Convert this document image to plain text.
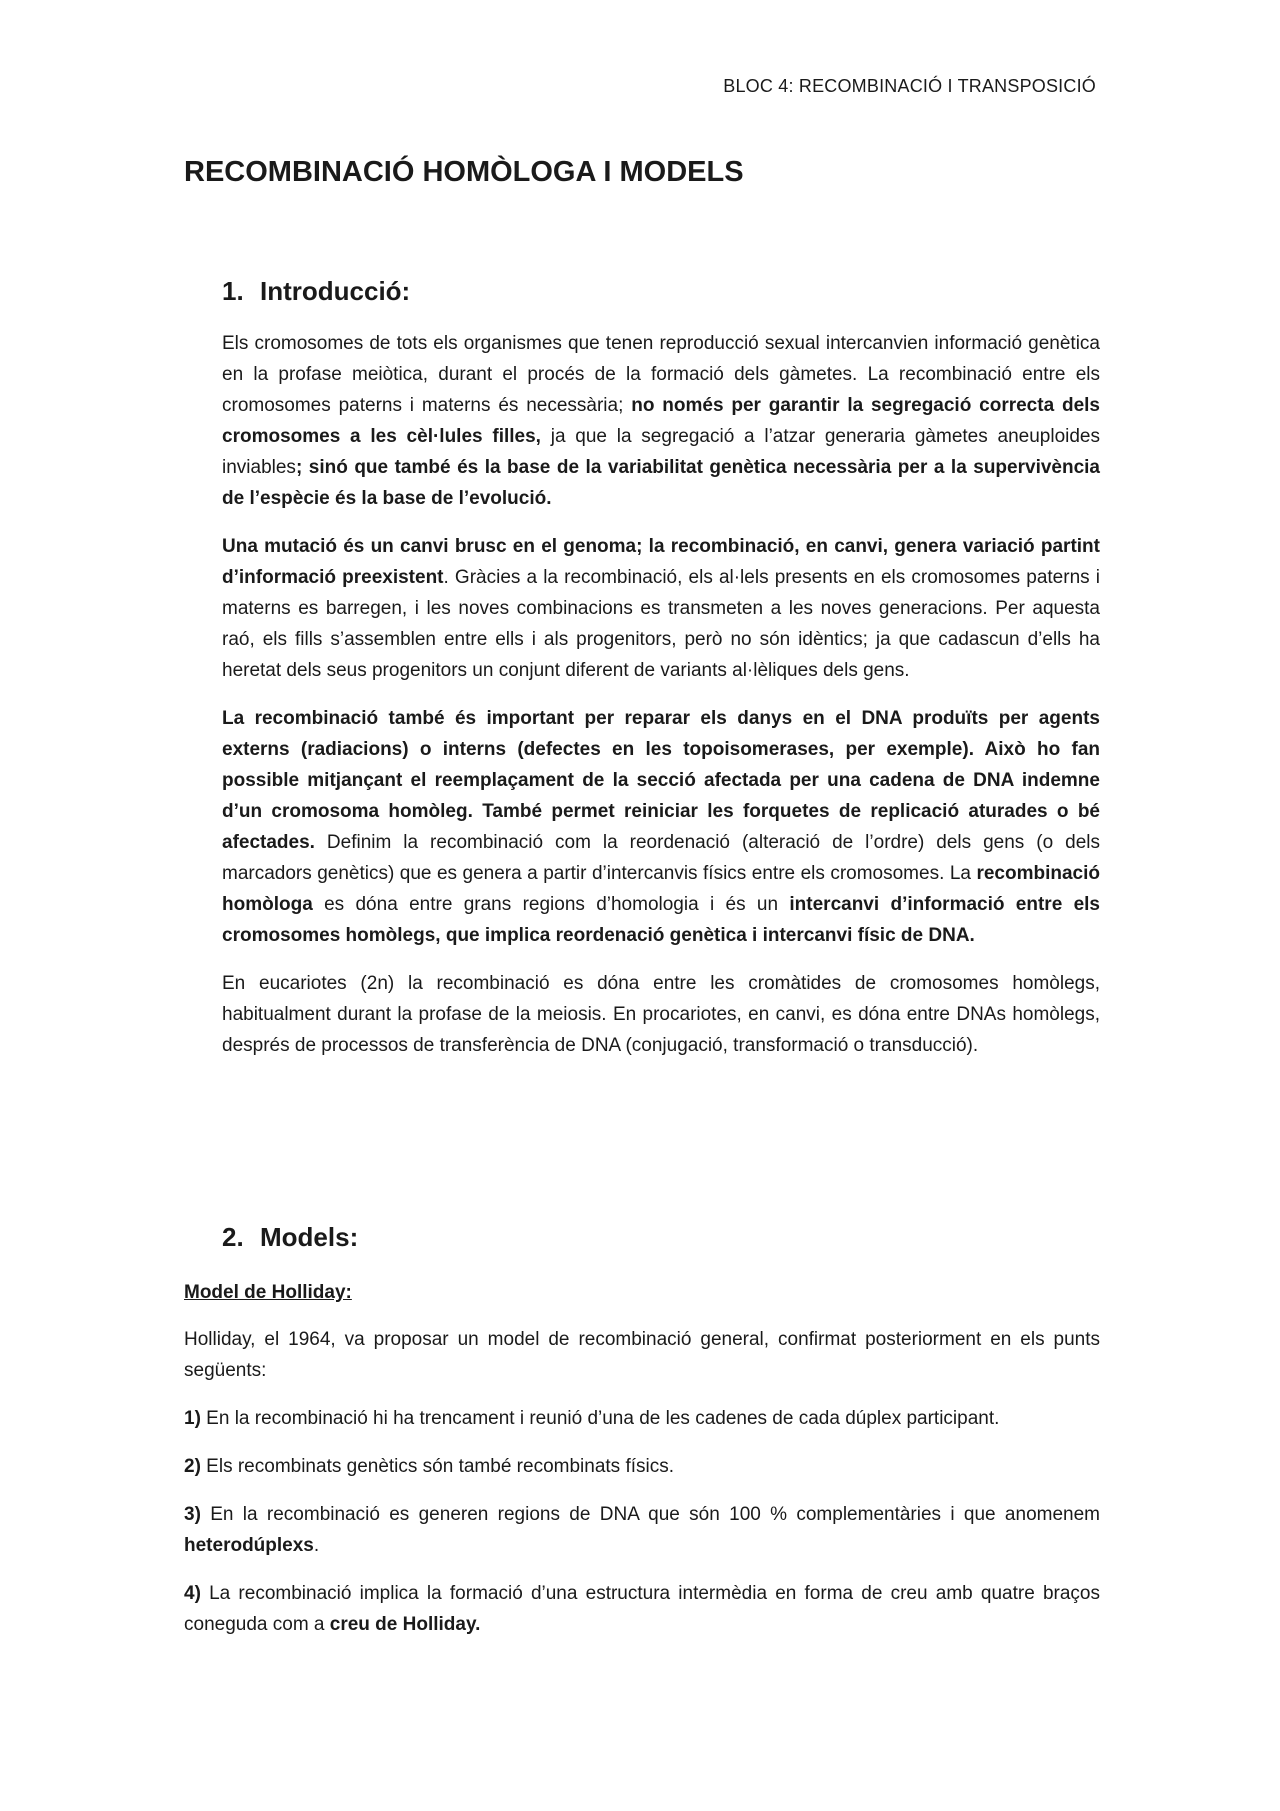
BLOC 4: RECOMBINACIÓ I TRANSPOSICIÓ
RECOMBINACIÓ HOMÒLOGA I MODELS
1. Introducció:

Els cromosomes de tots els organismes que tenen reproducció sexual intercanvien informació genètica en la profase meiòtica, durant el procés de la formació dels gàmetes. La recombinació entre els cromosomes paterns i materns és necessària; no només per garantir la segregació correcta dels cromosomes a les cèl·lules filles, ja que la segregació a l’atzar generaria gàmetes aneuploides inviables; sinó que també és la base de la variabilitat genètica necessària per a la supervivència de l’espècie és la base de l’evolució.

Una mutació és un canvi brusc en el genoma; la recombinació, en canvi, genera variació partint d’informació preexistent. Gràcies a la recombinació, els al·lels presents en els cromosomes paterns i materns es barregen, i les noves combinacions es transmeten a les noves generacions. Per aquesta raó, els fills s’assemblen entre ells i als progenitors, però no són idèntics; ja que cadascun d’ells ha heretat dels seus progenitors un conjunt diferent de variants al·lèliques dels gens.

La recombinació també és important per reparar els danys en el DNA produïts per agents externs (radiacions) o interns (defectes en les topoisomerases, per exemple). Això ho fan possible mitjançant el reemplaçament de la secció afectada per una cadena de DNA indemne d’un cromosoma homòleg. També permet reiniciar les forquetes de replicació aturades o bé afectades. Definim la recombinació com la reordenació (alteració de l’ordre) dels gens (o dels marcadors genètics) que es genera a partir d’intercanvis físics entre els cromosomes. La recombinació homòloga es dóna entre grans regions d’homologia i és un intercanvi d’informació entre els cromosomes homòlegs, que implica reordenació genètica i intercanvi físic de DNA.

En eucariotes (2n) la recombinació es dóna entre les cromàtides de cromosomes homòlegs, habitualment durant la profase de la meiosis. En procariotes, en canvi, es dóna entre DNAs homòlegs, després de processos de transferència de DNA (conjugació, transformació o transducció).

2. Models:
Model de Holliday:

Holliday, el 1964, va proposar un model de recombinació general, confirmat posteriorment en els punts següents:

1) En la recombinació hi ha trencament i reunió d’una de les cadenes de cada dúplex participant.

2) Els recombinats genètics són també recombinats físics.

3) En la recombinació es generen regions de DNA que són 100 % complementàries i que anomenem heterodúplexs.

4) La recombinació implica la formació d’una estructura intermèdia en forma de creu amb quatre braços coneguda com a creu de Holliday.
